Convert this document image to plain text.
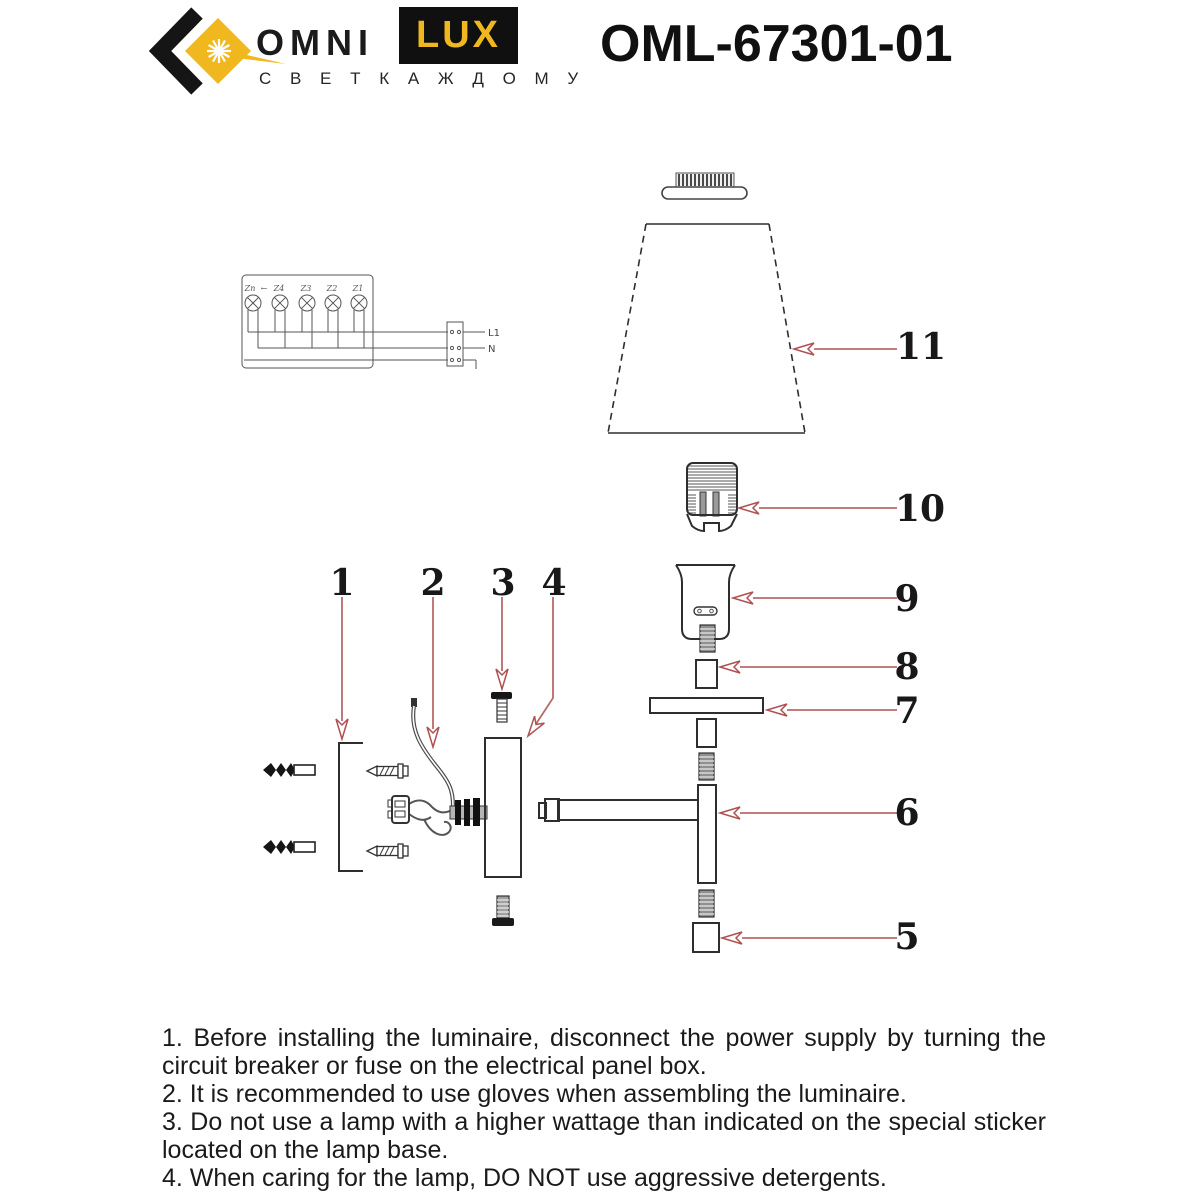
OMNI LUX
С В Е Т К А Ж Д О М У
OML-67301-01
Zn ← Z4 Z3 Z2 Z1
L1
N
1 2 3 4
5
6
7
8
9
10
11

1. Before installing the luminaire, disconnect the power supply by turning the circuit breaker or fuse on the electrical panel box.

2. It is recommended to use gloves when assembling the luminaire.

3. Do not use a lamp with a higher wattage than indicated on the special sticker located on the lamp base.

4. When caring for the lamp, DO NOT use aggressive detergents.
